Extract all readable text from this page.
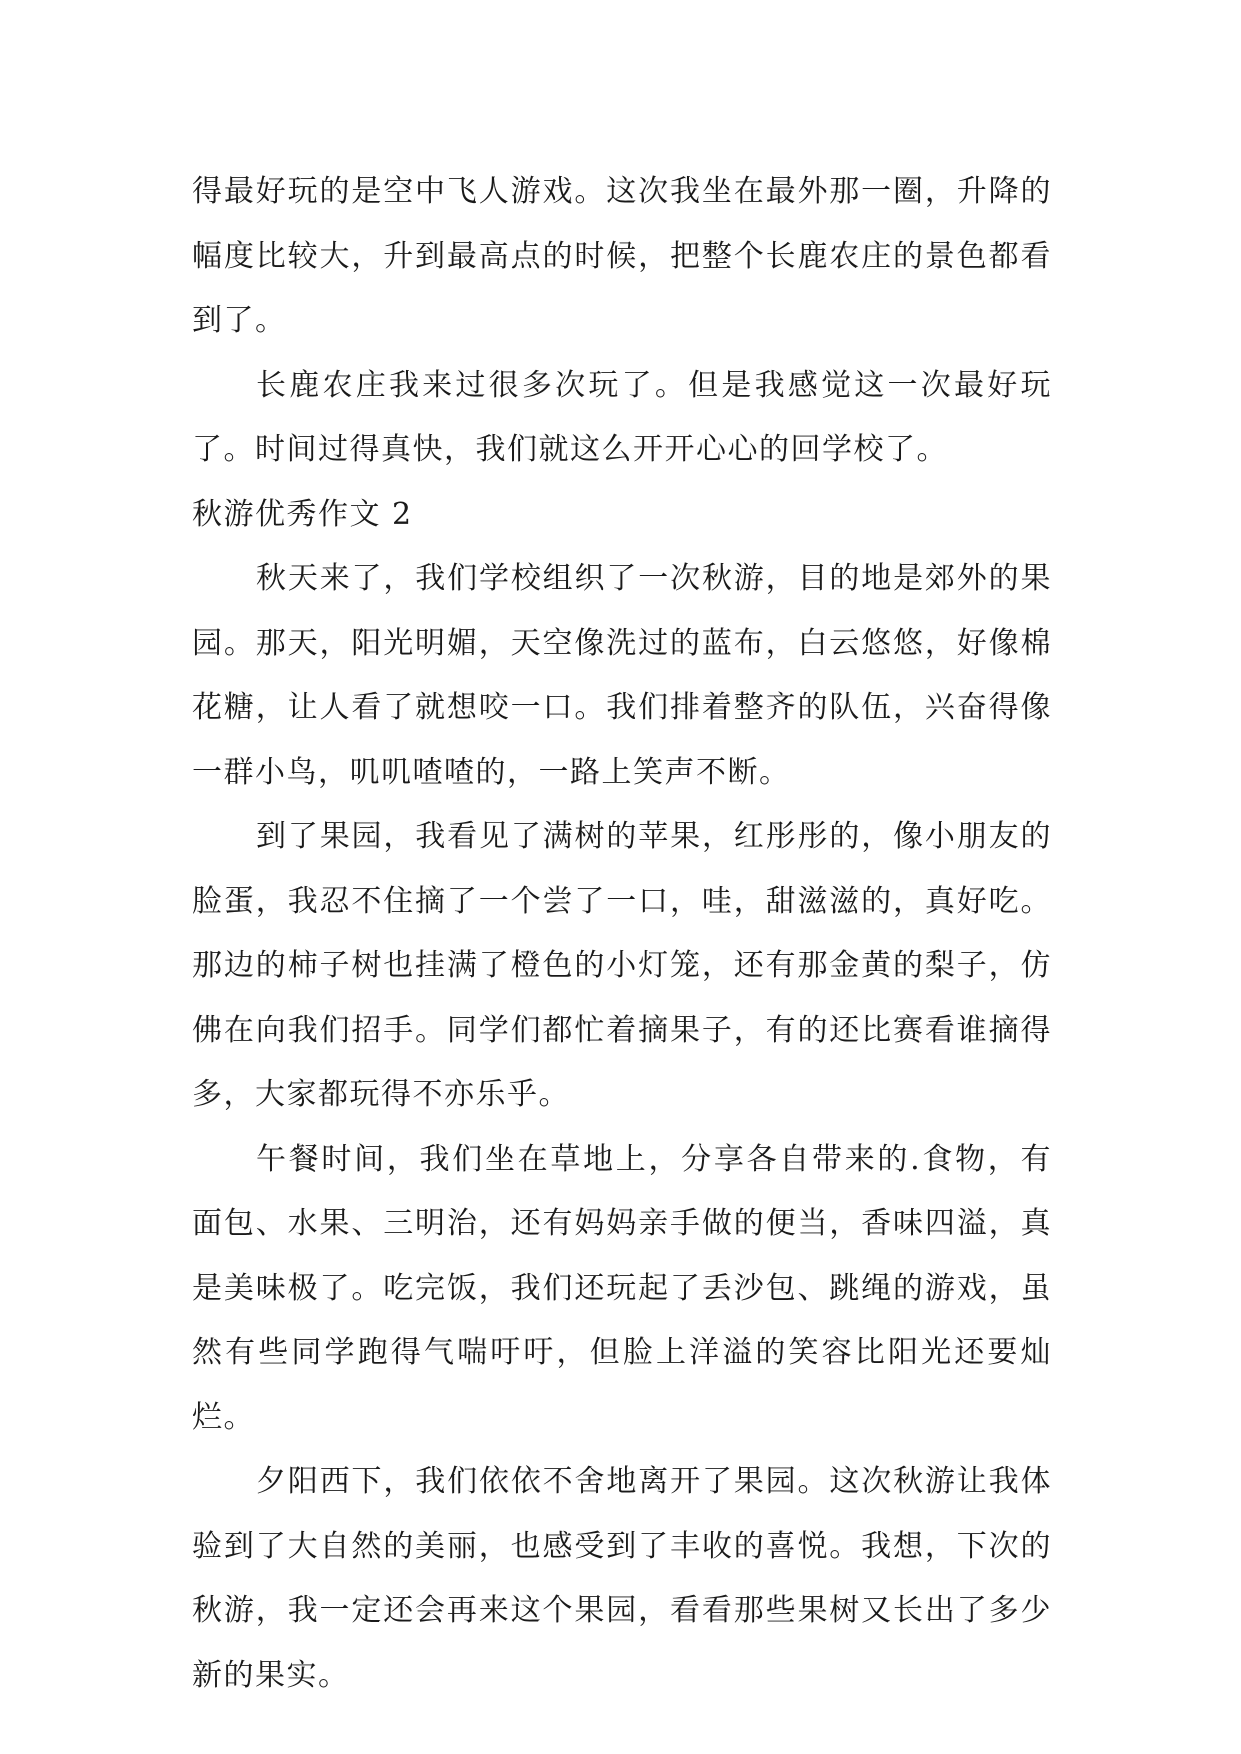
得最好玩的是空中飞人游戏。这次我坐在最外那一圈，升降的幅度比较大，升到最高点的时候，把整个长鹿农庄的景色都看到了。

长鹿农庄我来过很多次玩了。但是我感觉这一次最好玩了。时间过得真快，我们就这么开开心心的回学校了。

秋游优秀作文 2

秋天来了，我们学校组织了一次秋游，目的地是郊外的果园。那天，阳光明媚，天空像洗过的蓝布，白云悠悠，好像棉花糖，让人看了就想咬一口。我们排着整齐的队伍，兴奋得像一群小鸟，叽叽喳喳的，一路上笑声不断。

到了果园，我看见了满树的苹果，红彤彤的，像小朋友的脸蛋，我忍不住摘了一个尝了一口，哇，甜滋滋的，真好吃。那边的柿子树也挂满了橙色的小灯笼，还有那金黄的梨子，仿佛在向我们招手。同学们都忙着摘果子，有的还比赛看谁摘得多，大家都玩得不亦乐乎。

午餐时间，我们坐在草地上，分享各自带来的.食物，有面包、水果、三明治，还有妈妈亲手做的便当，香味四溢，真是美味极了。吃完饭，我们还玩起了丢沙包、跳绳的游戏，虽然有些同学跑得气喘吁吁，但脸上洋溢的笑容比阳光还要灿烂。

夕阳西下，我们依依不舍地离开了果园。这次秋游让我体验到了大自然的美丽，也感受到了丰收的喜悦。我想，下次的秋游，我一定还会再来这个果园，看看那些果树又长出了多少新的果实。
